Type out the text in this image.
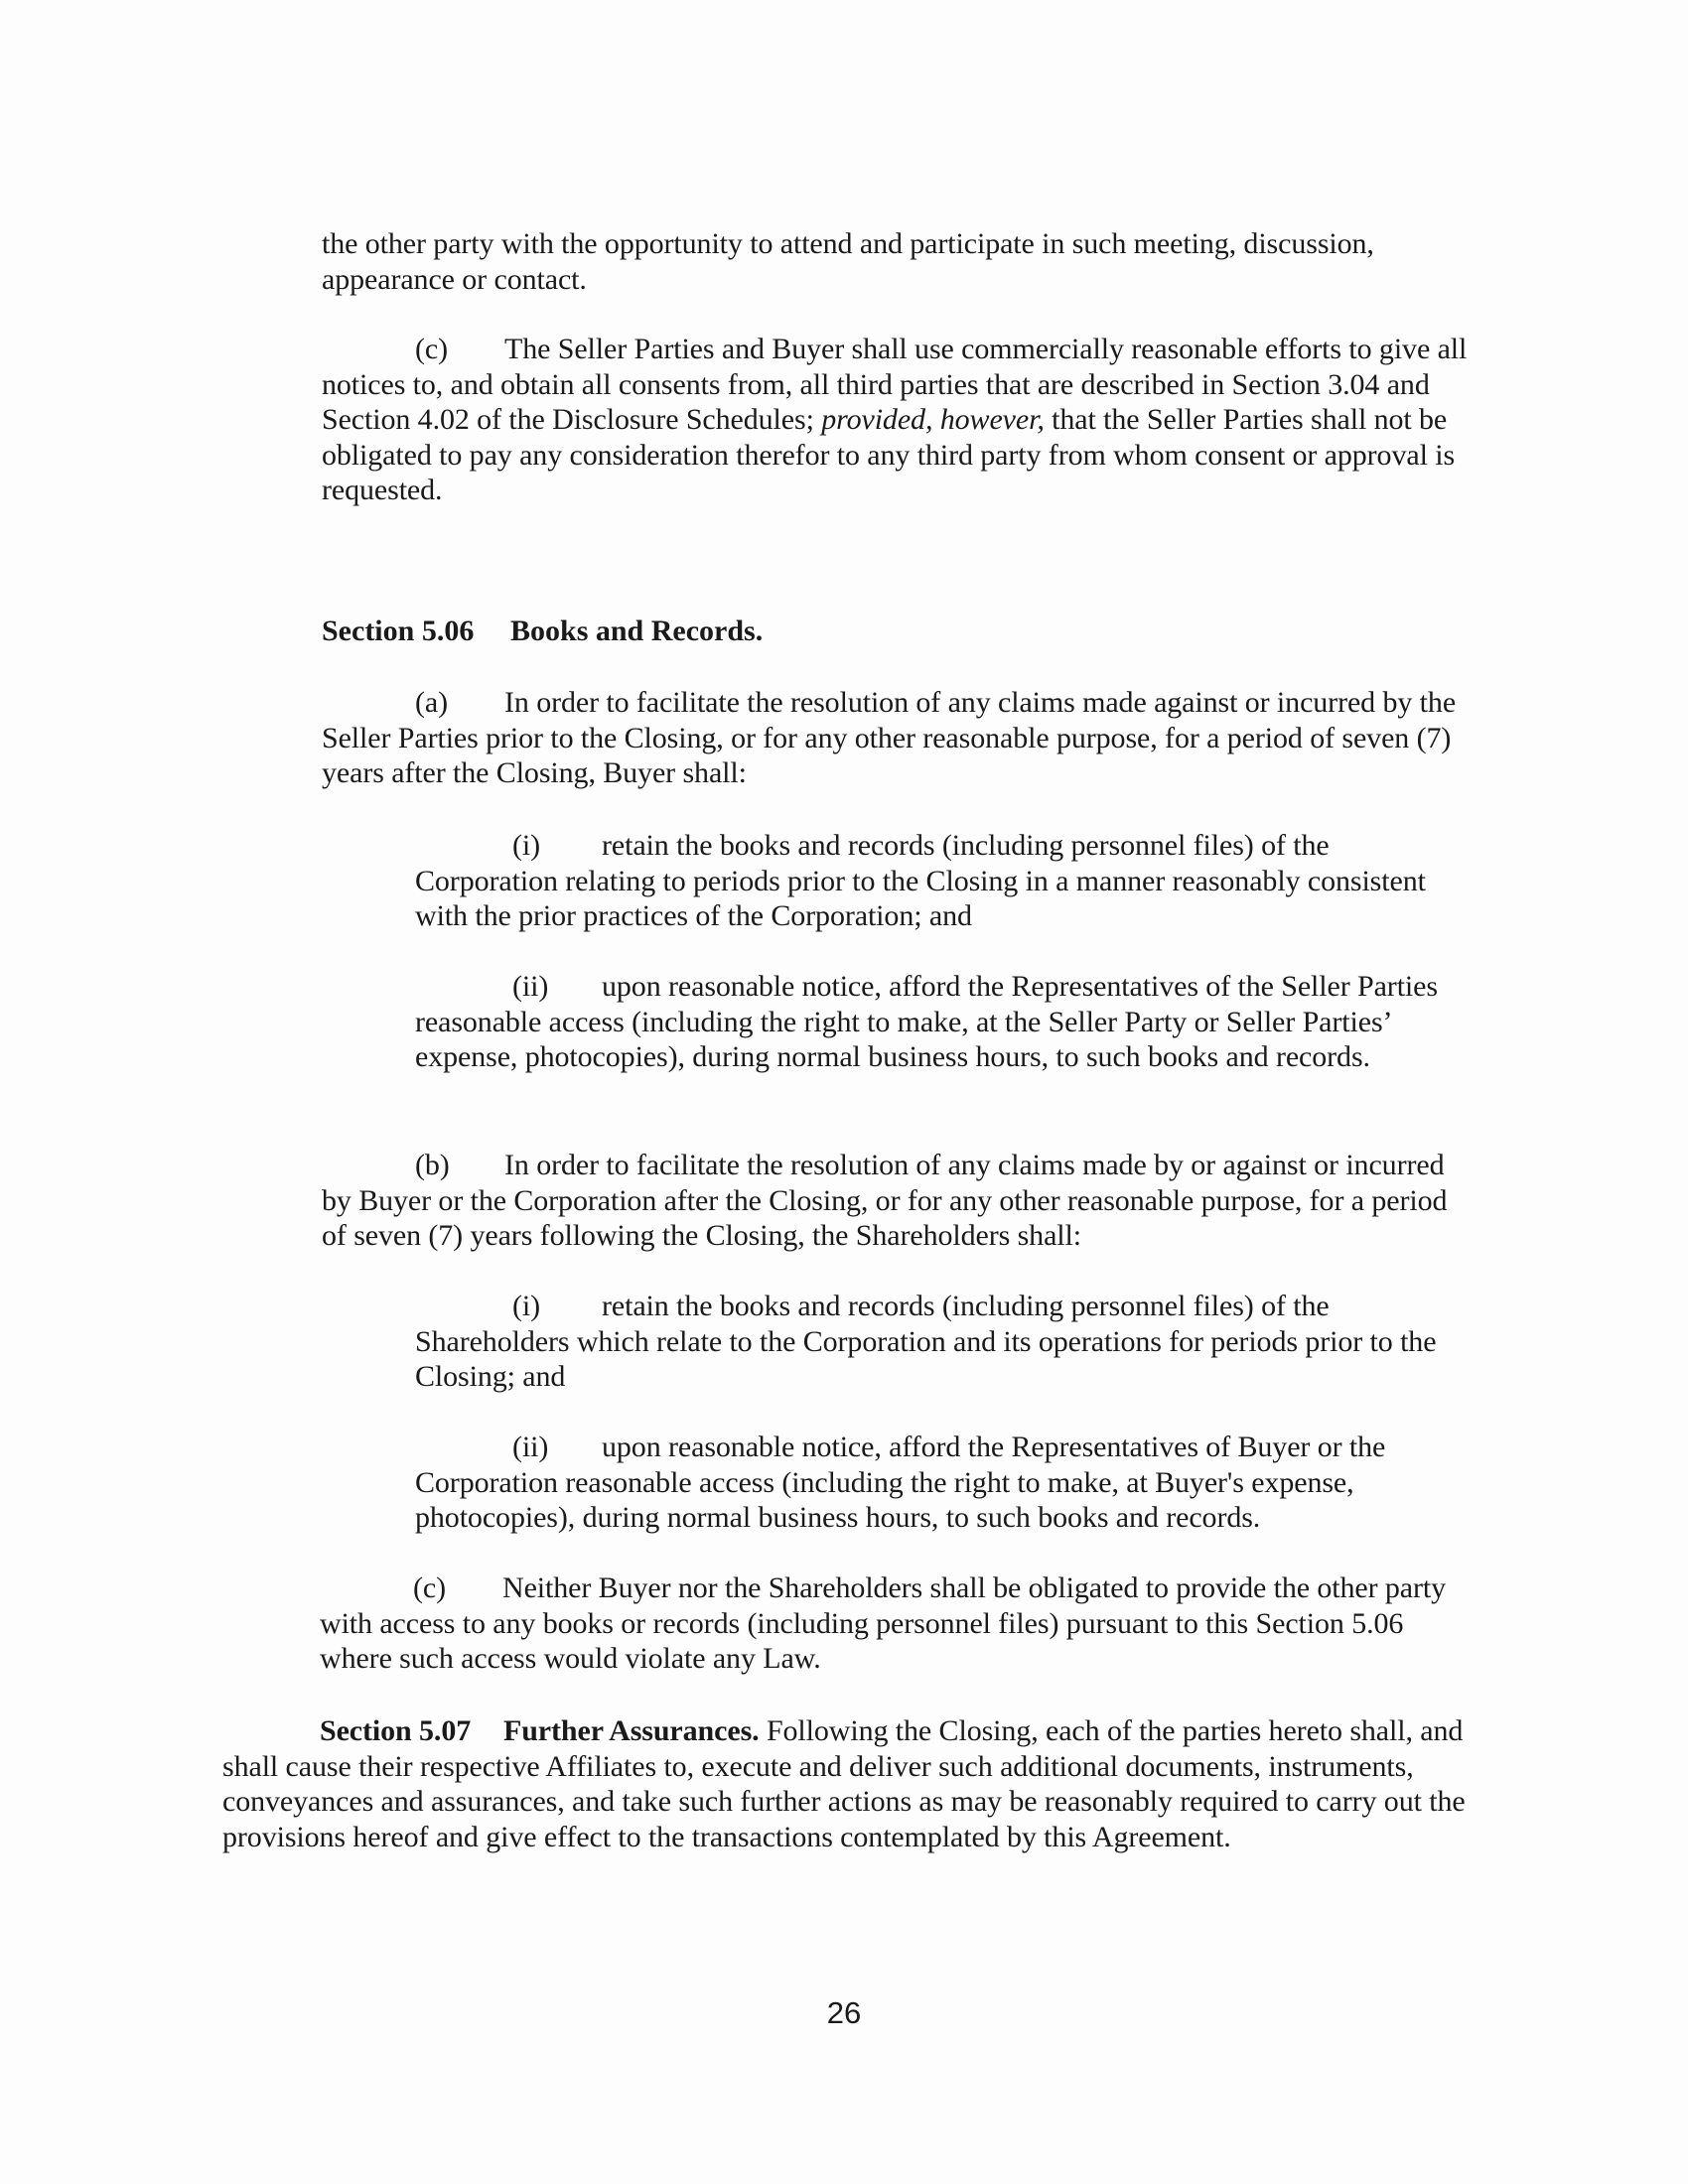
the other party with the opportunity to attend and participate in such meeting, discussion, appearance or contact.

(c) The Seller Parties and Buyer shall use commercially reasonable efforts to give all notices to, and obtain all consents from, all third parties that are described in Section 3.04 and Section 4.02 of the Disclosure Schedules; provided, however, that the Seller Parties shall not be obligated to pay any consideration therefor to any third party from whom consent or approval is requested.

Section 5.06 Books and Records.

(a) In order to facilitate the resolution of any claims made against or incurred by the Seller Parties prior to the Closing, or for any other reasonable purpose, for a period of seven (7) years after the Closing, Buyer shall:

(i) retain the books and records (including personnel files) of the Corporation relating to periods prior to the Closing in a manner reasonably consistent with the prior practices of the Corporation; and

(ii) upon reasonable notice, afford the Representatives of the Seller Parties reasonable access (including the right to make, at the Seller Party or Seller Parties’ expense, photocopies), during normal business hours, to such books and records.

(b) In order to facilitate the resolution of any claims made by or against or incurred by Buyer or the Corporation after the Closing, or for any other reasonable purpose, for a period of seven (7) years following the Closing, the Shareholders shall:

(i) retain the books and records (including personnel files) of the Shareholders which relate to the Corporation and its operations for periods prior to the Closing; and

(ii) upon reasonable notice, afford the Representatives of Buyer or the Corporation reasonable access (including the right to make, at Buyer's expense, photocopies), during normal business hours, to such books and records.

(c) Neither Buyer nor the Shareholders shall be obligated to provide the other party with access to any books or records (including personnel files) pursuant to this Section 5.06 where such access would violate any Law.

Section 5.07 Further Assurances. Following the Closing, each of the parties hereto shall, and shall cause their respective Affiliates to, execute and deliver such additional documents, instruments, conveyances and assurances, and take such further actions as may be reasonably required to carry out the provisions hereof and give effect to the transactions contemplated by this Agreement.

26
